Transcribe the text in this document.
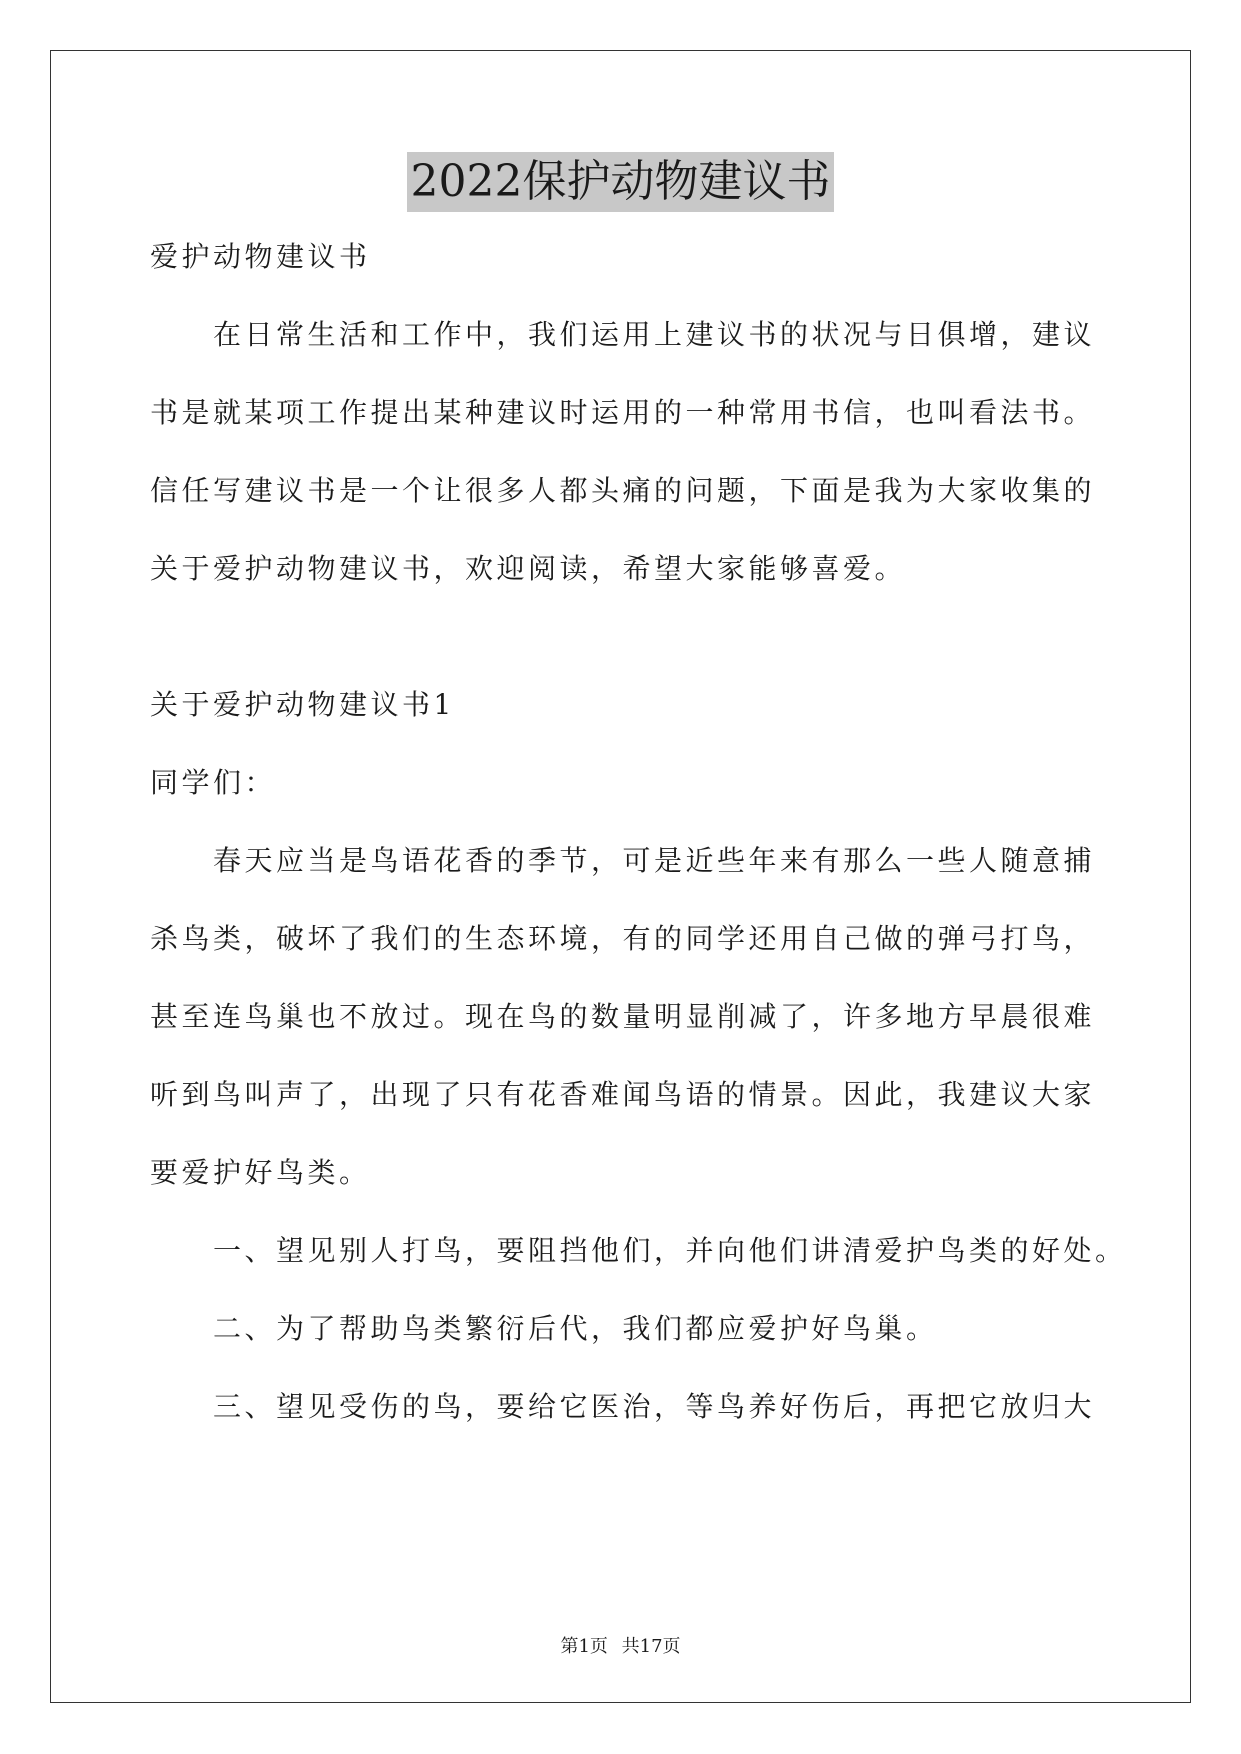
2022保护动物建议书

爱护动物建议书

　　在日常生活和工作中，我们运用上建议书的状况与日俱增，建议

书是就某项工作提出某种建议时运用的一种常用书信，也叫看法书。

信任写建议书是一个让很多人都头痛的问题，下面是我为大家收集的

关于爱护动物建议书，欢迎阅读，希望大家能够喜爱。

关于爱护动物建议书1

同学们：

　　春天应当是鸟语花香的季节，可是近些年来有那么一些人随意捕

杀鸟类，破坏了我们的生态环境，有的同学还用自己做的弹弓打鸟，

甚至连鸟巢也不放过。现在鸟的数量明显削减了，许多地方早晨很难

听到鸟叫声了，出现了只有花香难闻鸟语的情景。因此，我建议大家

要爱护好鸟类。

　　一、望见别人打鸟，要阻挡他们，并向他们讲清爱护鸟类的好处。

　　二、为了帮助鸟类繁衍后代，我们都应爱护好鸟巢。

　　三、望见受伤的鸟，要给它医治，等鸟养好伤后，再把它放归大

第1页 共17页
